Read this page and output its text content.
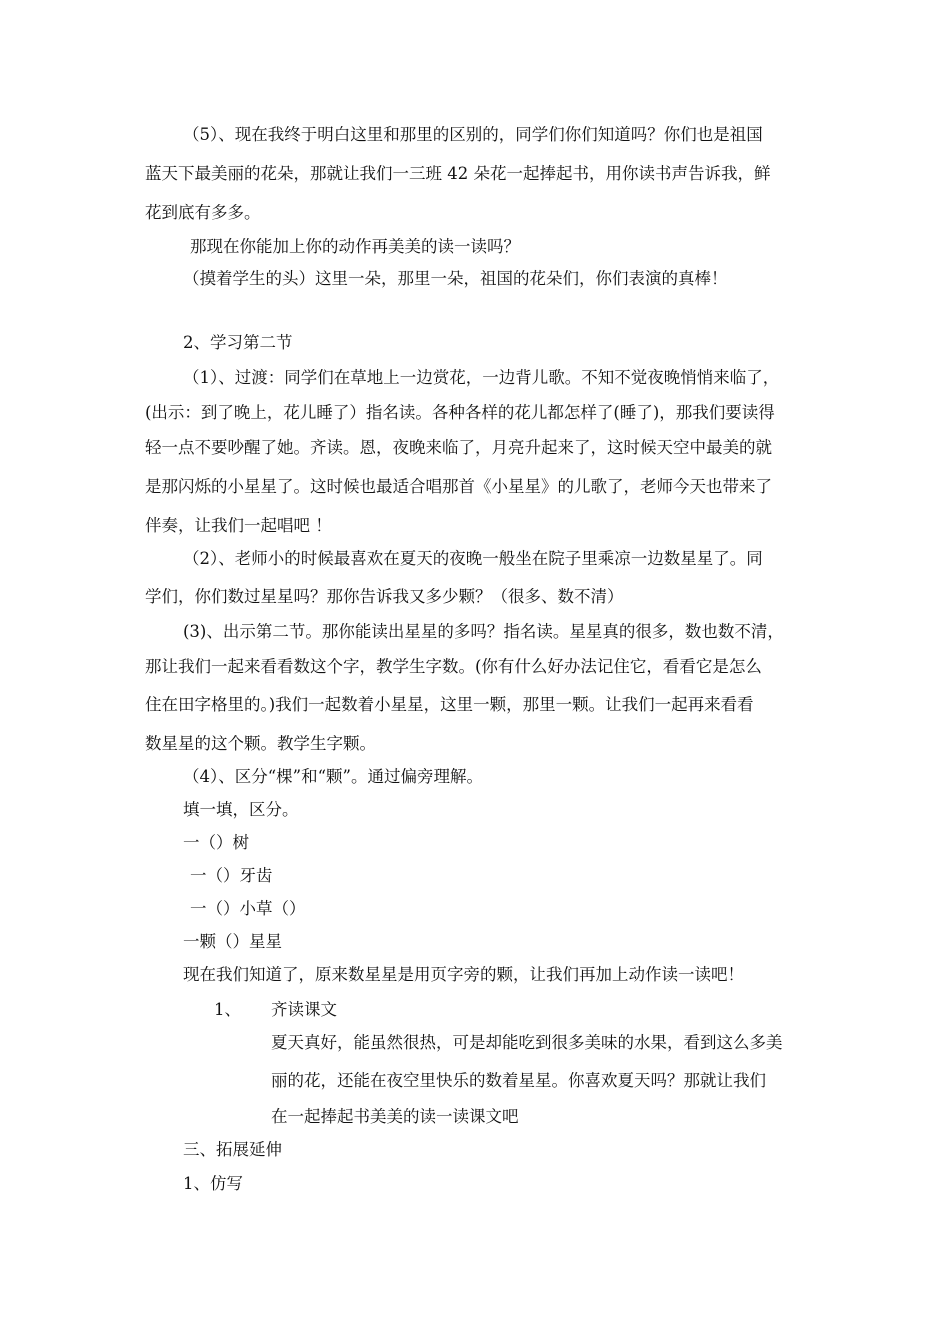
（5）、现在我终于明白这里和那里的区别的，同学们你们知道吗？你们也是祖国
蓝天下最美丽的花朵，那就让我们一三班 42 朵花一起捧起书，用你读书声告诉我，鲜
花到底有多多。
那现在你能加上你的动作再美美的读一读吗？
（摸着学生的头）这里一朵，那里一朵，祖国的花朵们，你们表演的真棒！
2、学习第二节
（1）、过渡：同学们在草地上一边赏花，一边背儿歌。不知不觉夜晚悄悄来临了，
(出示：到了晚上，花儿睡了）指名读。各种各样的花儿都怎样了(睡了)，那我们要读得
轻一点不要吵醒了她。齐读。恩，夜晚来临了，月亮升起来了，这时候天空中最美的就
是那闪烁的小星星了。这时候也最适合唱那首《小星星》的儿歌了，老师今天也带来了
伴奏，让我们一起唱吧 ！
（2）、老师小的时候最喜欢在夏天的夜晚一般坐在院子里乘凉一边数星星了。同
学们，你们数过星星吗？那你告诉我又多少颗？（很多、数不清）
(3)、出示第二节。那你能读出星星的多吗？指名读。星星真的很多，数也数不清，
那让我们一起来看看数这个字，教学生字数。(你有什么好办法记住它，看看它是怎么
住在田字格里的。)我们一起数着小星星，这里一颗，那里一颗。让我们一起再来看看
数星星的这个颗。教学生字颗。
（4）、区分“棵”和“颗”。通过偏旁理解。
填一填，区分。
一（）树
一（）牙齿
一（）小草（）
一颗（）星星
现在我们知道了，原来数星星是用页字旁的颗，让我们再加上动作读一读吧！
1、 齐读课文
夏天真好，能虽然很热，可是却能吃到很多美味的水果，看到这么多美
丽的花，还能在夜空里快乐的数着星星。你喜欢夏天吗？那就让我们
在一起捧起书美美的读一读课文吧
三、拓展延伸
1、仿写
